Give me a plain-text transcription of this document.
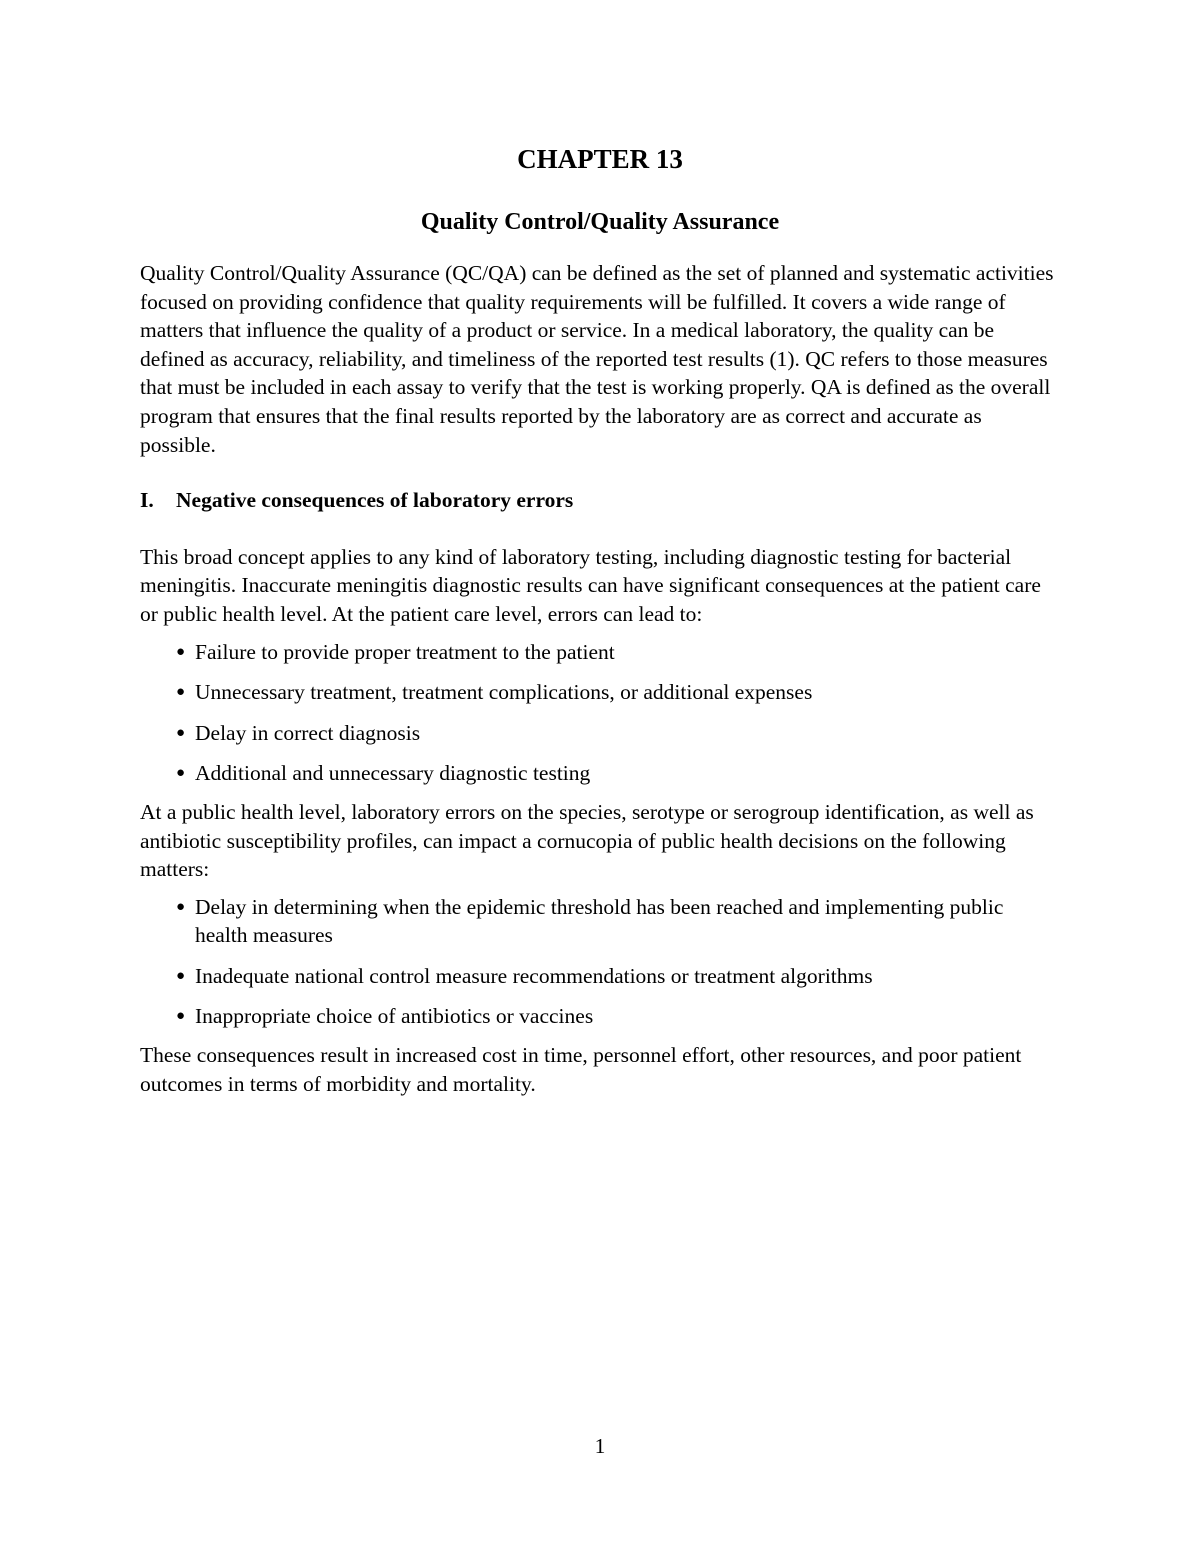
CHAPTER 13
Quality Control/Quality Assurance

Quality Control/Quality Assurance (QC/QA) can be defined as the set of planned and systematic activities focused on providing confidence that quality requirements will be fulfilled. It covers a wide range of matters that influence the quality of a product or service. In a medical laboratory, the quality can be defined as accuracy, reliability, and timeliness of the reported test results (1). QC refers to those measures that must be included in each assay to verify that the test is working properly. QA is defined as the overall program that ensures that the final results reported by the laboratory are as correct and accurate as possible.

I.	Negative consequences of laboratory errors

This broad concept applies to any kind of laboratory testing, including diagnostic testing for bacterial meningitis. Inaccurate meningitis diagnostic results can have significant consequences at the patient care or public health level. At the patient care level, errors can lead to:

● Failure to provide proper treatment to the patient
● Unnecessary treatment, treatment complications, or additional expenses
● Delay in correct diagnosis
● Additional and unnecessary diagnostic testing

At a public health level, laboratory errors on the species, serotype or serogroup identification, as well as antibiotic susceptibility profiles, can impact a cornucopia of public health decisions on the following matters:

● Delay in determining when the epidemic threshold has been reached and implementing public health measures
● Inadequate national control measure recommendations or treatment algorithms
● Inappropriate choice of antibiotics or vaccines

These consequences result in increased cost in time, personnel effort, other resources, and poor patient outcomes in terms of morbidity and mortality.

1
